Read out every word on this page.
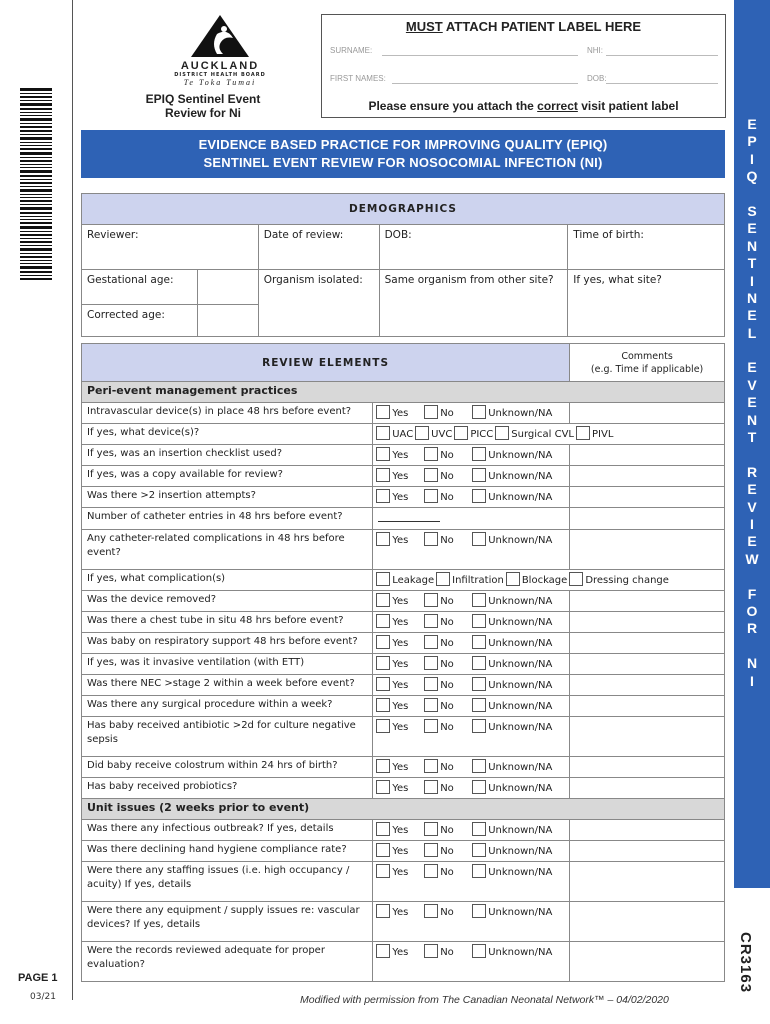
PAGE 1
03/21
E
P
I
Q
S
E
N
T
I
N
E
L
E
V
E
N
T
R
E
V
I
E
W
F
O
R
N
I
CR3163
AUCKLAND
DISTRICT HEALTH BOARD
Te Toka Tumai
EPIQ Sentinel Event
Review for Ni
MUST ATTACH PATIENT LABEL HERE
SURNAME:	NHI:
FIRST NAMES:	DOB:
Please ensure you attach the correct visit patient label
EVIDENCE BASED PRACTICE FOR IMPROVING QUALITY (EPIQ)
SENTINEL EVENT REVIEW FOR NOSOCOMIAL INFECTION (NI)
DEMOGRAPHICS				
Reviewer:		Date of review:	DOB:	Time of birth:
Gestational age:		Organism isolated:	Same organism from other site?	If yes, what site?
Corrected age:				
REVIEW ELEMENTS		Comments
(e.g. Time if applicable)

Peri-event management practices		
Intravascular device(s) in place 48 hrs before event?	Yes No Unknown/NA	
If yes, what device(s)?	UAC UVC PICC Surgical CVL PIVL	
If yes, was an insertion checklist used?	Yes No Unknown/NA	
If yes, was a copy available for review?	Yes No Unknown/NA	
Was there >2 insertion attempts?	Yes No Unknown/NA	
Number of catheter entries in 48 hrs before event?		
Any catheter-related complications in 48 hrs before event?	Yes No Unknown/NA	
If yes, what complication(s)	Leakage Infiltration Blockage Dressing change	
Was the device removed?	Yes No Unknown/NA	
Was there a chest tube in situ 48 hrs before event?	Yes No Unknown/NA	
Was baby on respiratory support 48 hrs before event?	Yes No Unknown/NA	
If yes, was it invasive ventilation (with ETT)	Yes No Unknown/NA	
Was there NEC >stage 2 within a week before event?	Yes No Unknown/NA	
Was there any surgical procedure within a week?	Yes No Unknown/NA	
Has baby received antibiotic >2d for culture negative sepsis	Yes No Unknown/NA	
Did baby receive colostrum within 24 hrs of birth?	Yes No Unknown/NA	
Has baby received probiotics?	Yes No Unknown/NA	
Unit issues (2 weeks prior to event)		
Was there any infectious outbreak? If yes, details	Yes No Unknown/NA	
Was there declining hand hygiene compliance rate?	Yes No Unknown/NA	
Were there any staffing issues (i.e. high occupancy / acuity) If yes, details	Yes No Unknown/NA	
Were there any equipment / supply issues re: vascular devices? If yes, details	Yes No Unknown/NA	
Were the records reviewed adequate for proper evaluation?	Yes No Unknown/NA	
Modified with permission from The Canadian Neonatal Network™ – 04/02/2020
